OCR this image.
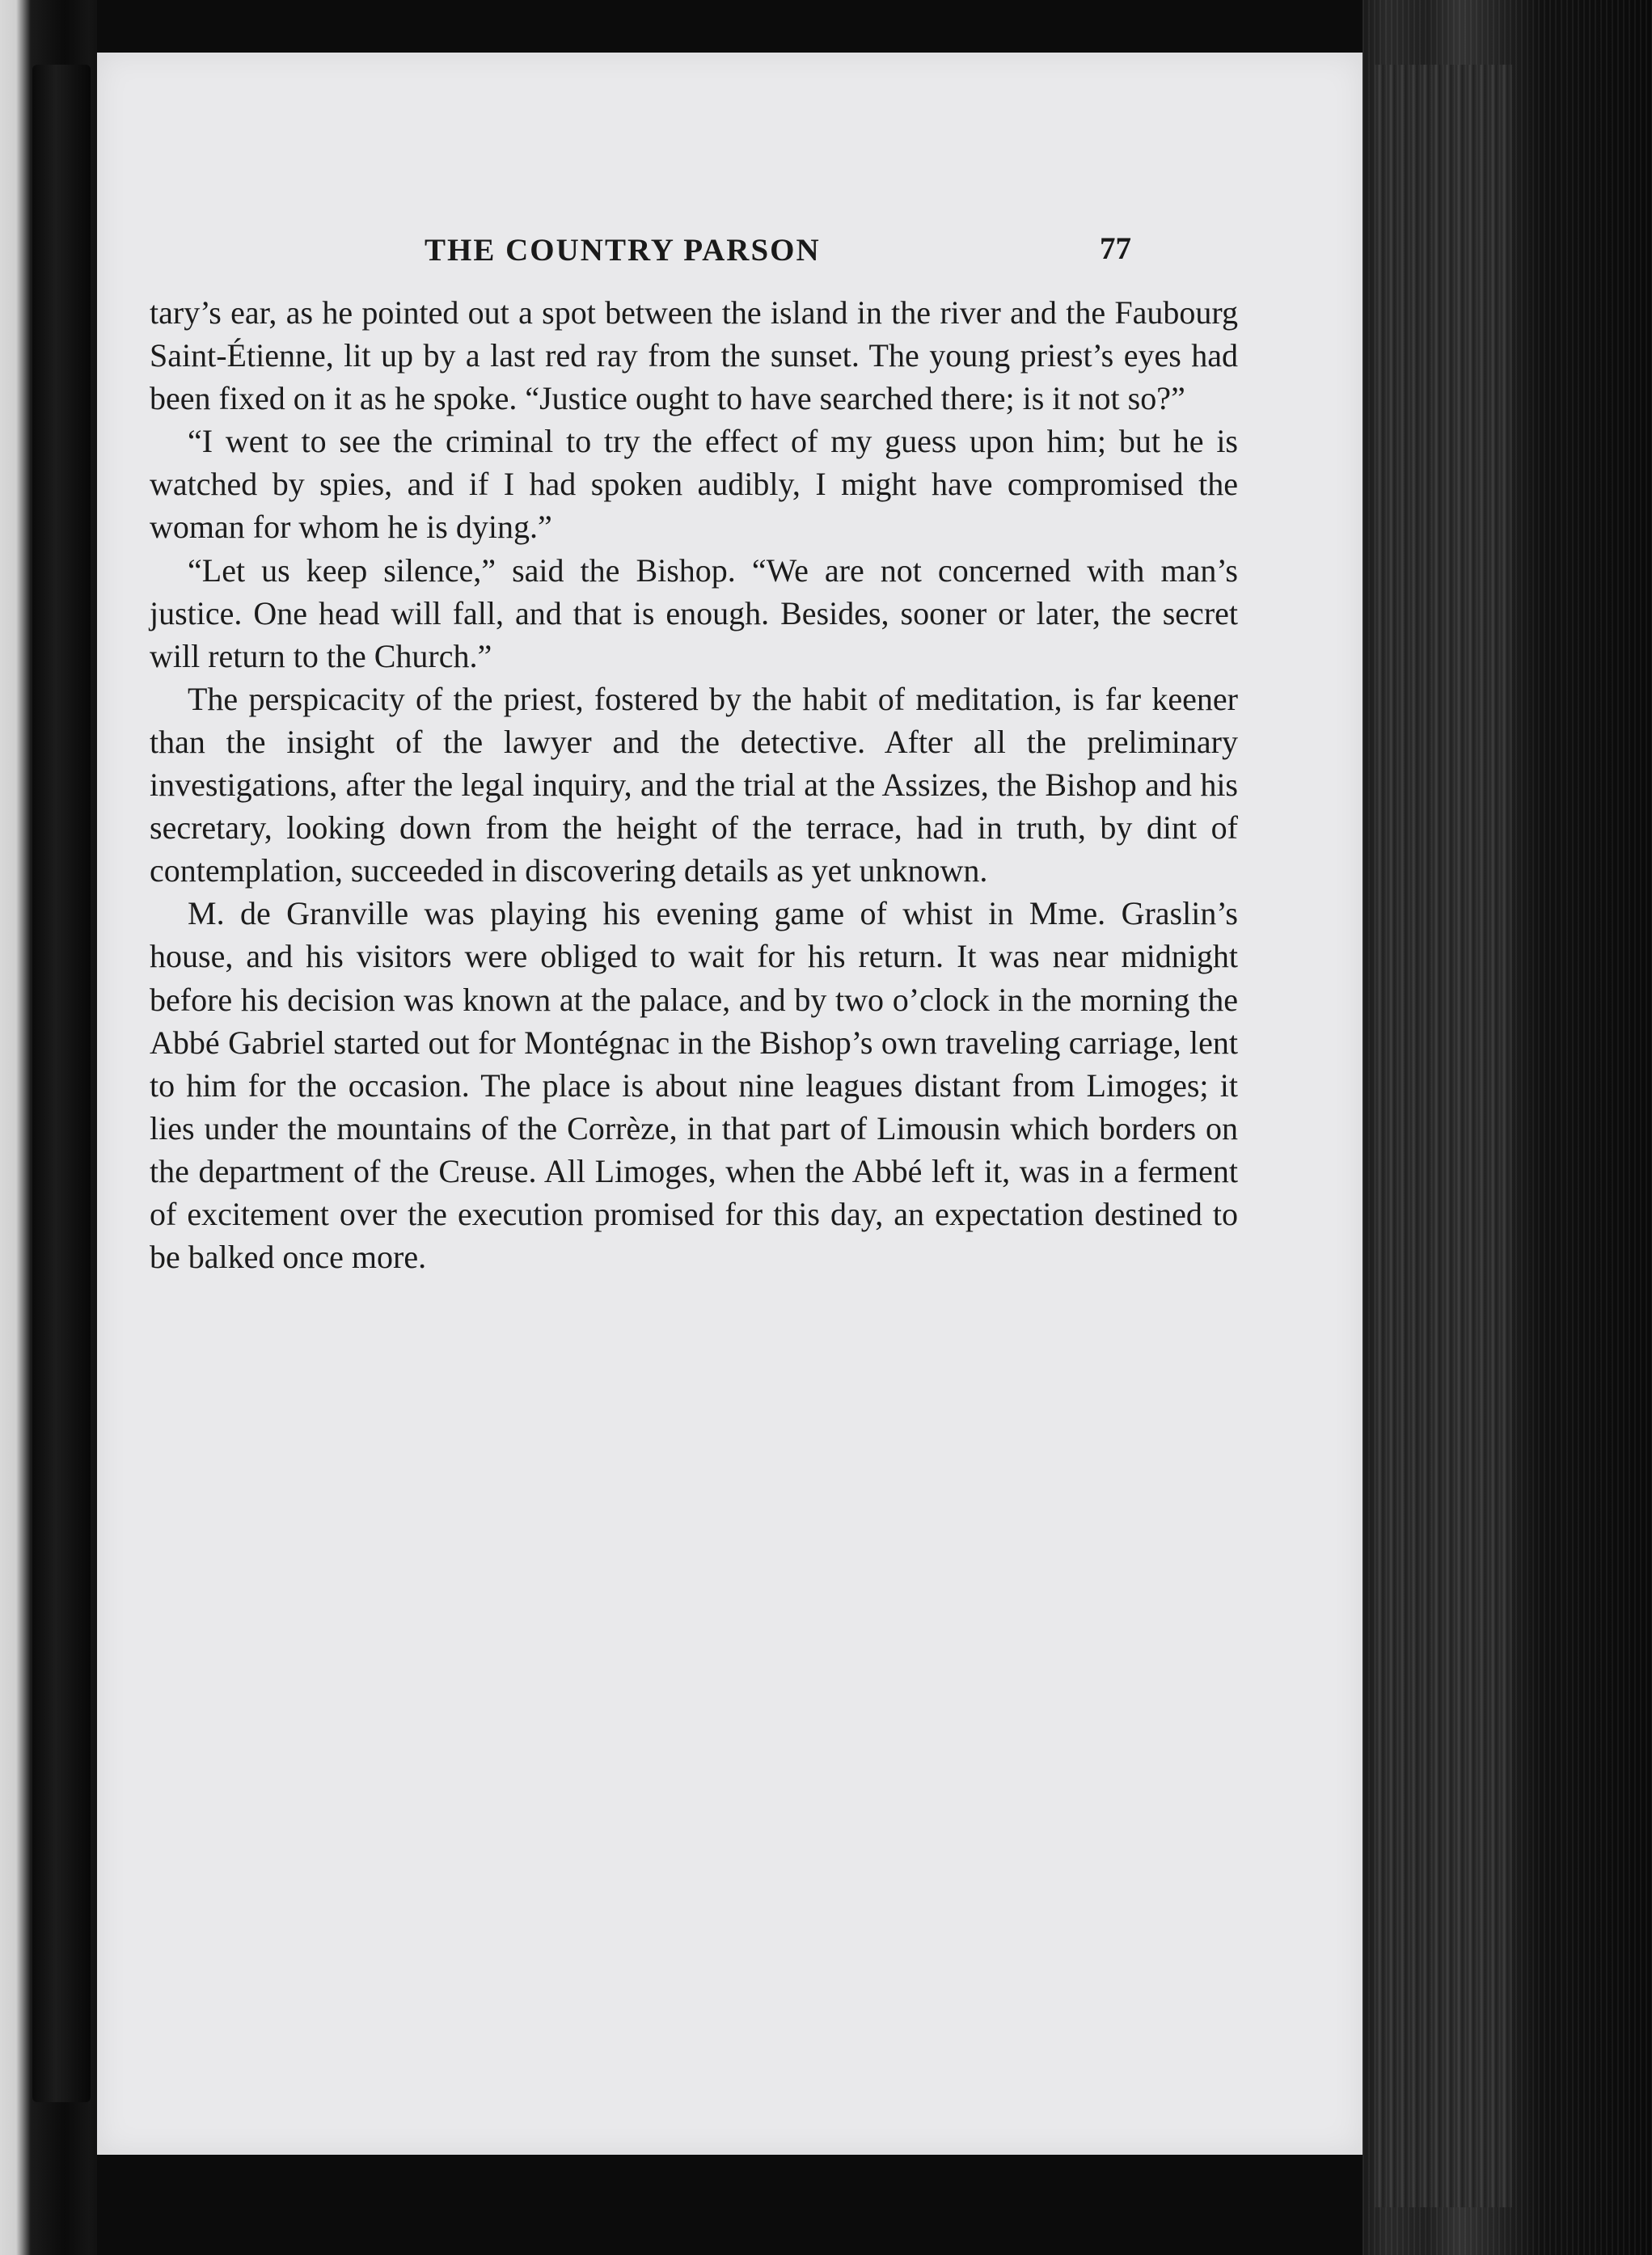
THE COUNTRY PARSON	77

tary’s ear, as he pointed out a spot between the island in the river and the Faubourg Saint-Étienne, lit up by a last red ray from the sunset. The young priest’s eyes had been fixed on it as he spoke. “Justice ought to have searched there; is it not so?”

“I went to see the criminal to try the effect of my guess upon him; but he is watched by spies, and if I had spoken audibly, I might have compromised the woman for whom he is dying.”

“Let us keep silence,” said the Bishop. “We are not concerned with man’s justice. One head will fall, and that is enough. Besides, sooner or later, the secret will return to the Church.”

The perspicacity of the priest, fostered by the habit of meditation, is far keener than the insight of the lawyer and the detective. After all the preliminary investigations, after the legal inquiry, and the trial at the Assizes, the Bishop and his secretary, looking down from the height of the terrace, had in truth, by dint of contemplation, succeeded in discovering details as yet unknown.

M. de Granville was playing his evening game of whist in Mme. Graslin’s house, and his visitors were obliged to wait for his return. It was near midnight before his decision was known at the palace, and by two o’clock in the morning the Abbé Gabriel started out for Montégnac in the Bishop’s own traveling carriage, lent to him for the occasion. The place is about nine leagues distant from Limoges; it lies under the mountains of the Corrèze, in that part of Limousin which borders on the department of the Creuse. All Limoges, when the Abbé left it, was in a ferment of excitement over the execution promised for this day, an expectation destined to be balked once more.
